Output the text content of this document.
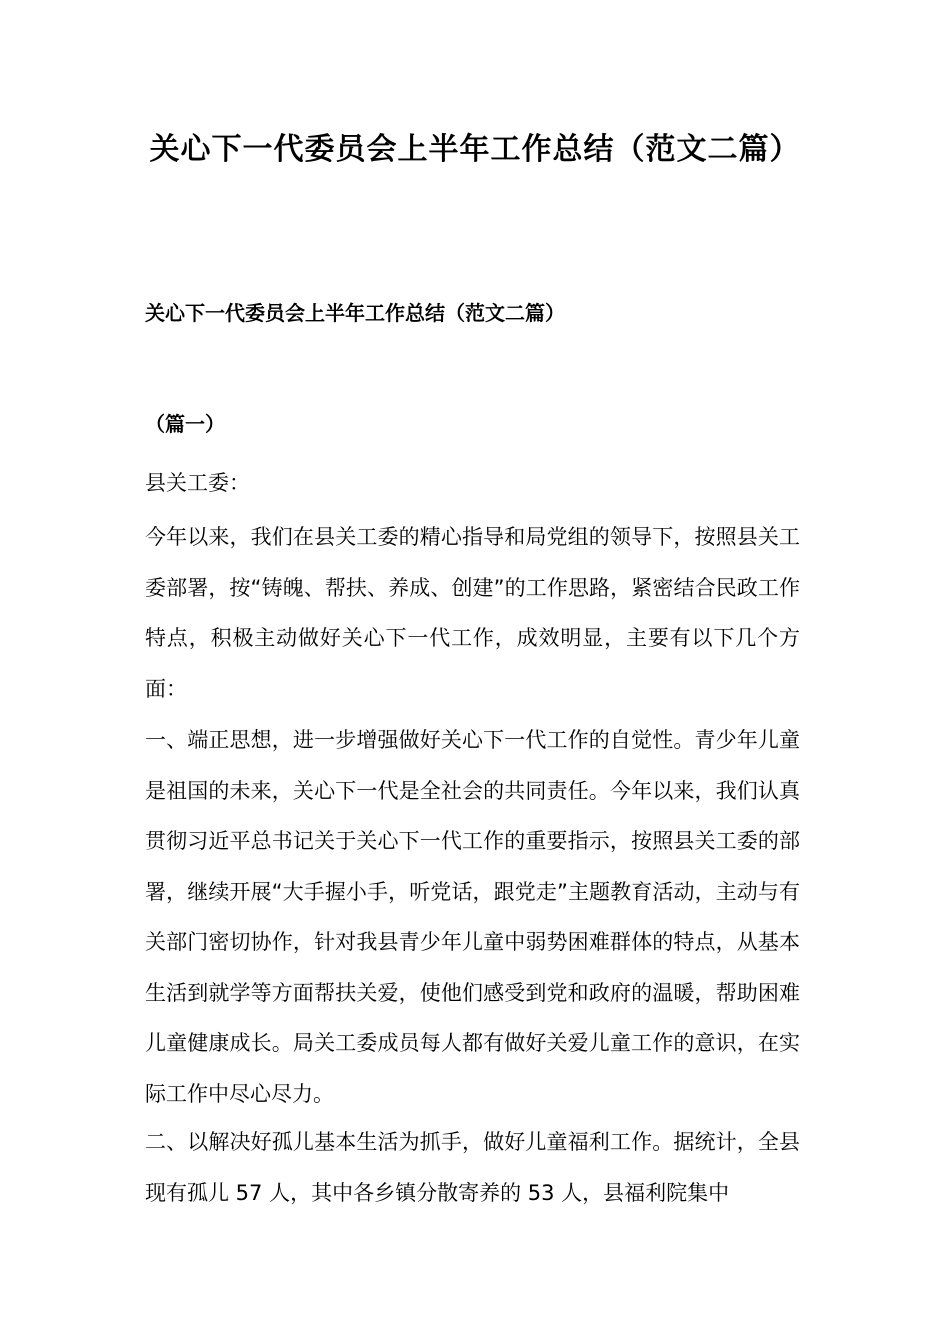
关心下一代委员会上半年工作总结（范文二篇）
关心下一代委员会上半年工作总结（范文二篇）
（篇一）
县关工委：
今年以来，我们在县关工委的精心指导和局党组的领导下，按照县关工委部署，按“铸魄、帮扶、养成、创建”的工作思路，紧密结合民政工作特点，积极主动做好关心下一代工作，成效明显，主要有以下几个方面：
一、端正思想，进一步增强做好关心下一代工作的自觉性。青少年儿童是祖国的未来，关心下一代是全社会的共同责任。今年以来，我们认真贯彻习近平总书记关于关心下一代工作的重要指示，按照县关工委的部署，继续开展“大手握小手，听党话，跟党走”主题教育活动，主动与有关部门密切协作，针对我县青少年儿童中弱势困难群体的特点，从基本生活到就学等方面帮扶关爱，使他们感受到党和政府的温暖，帮助困难儿童健康成长。局关工委成员每人都有做好关爱儿童工作的意识，在实际工作中尽心尽力。
二、以解决好孤儿基本生活为抓手，做好儿童福利工作。据统计，全县现有孤儿 57 人，其中各乡镇分散寄养的 53 人，县福利院集中
